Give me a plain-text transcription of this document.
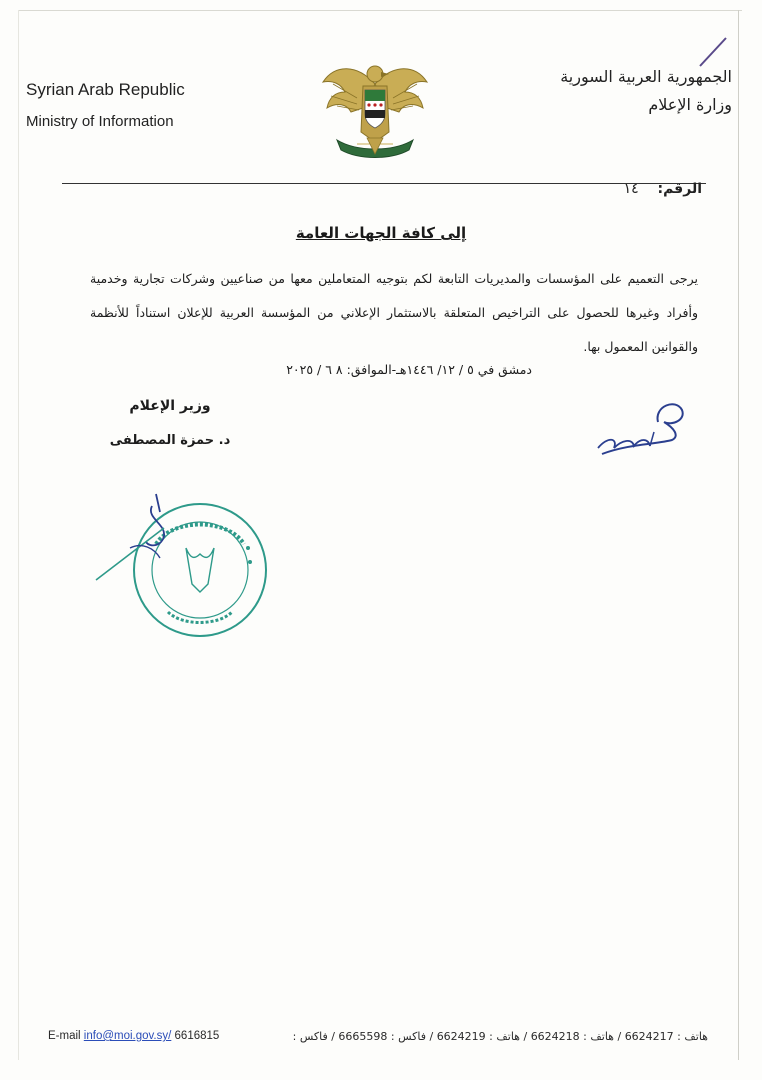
Syrian Arab Republic
Ministry of Information
الجمهورية العربية السورية
وزارة الإعلام
الرقم: ١٤
إلى كافة الجهات العامة
يرجى التعميم على المؤسسات والمديريات التابعة لكم بتوجيه المتعاملين معها من صناعيين وشركات تجارية وخدمية وأفراد وغيرها للحصول على التراخيص المتعلقة بالاستثمار الإعلاني من المؤسسة العربية للإعلان استناداً للأنظمة والقوانين المعمول بها.
دمشق في ٥ / ١٢/ ١٤٤٦هـ-الموافق: ٨ ٦ / ٢٠٢٥
وزير الإعلام
د. حمزة المصطفى
E-mail info@moi.gov.sy/ 6616815	هاتف : 6624217 / هاتف : 6624218 / هاتف : 6624219 / فاكس : 6665598 / فاكس :
